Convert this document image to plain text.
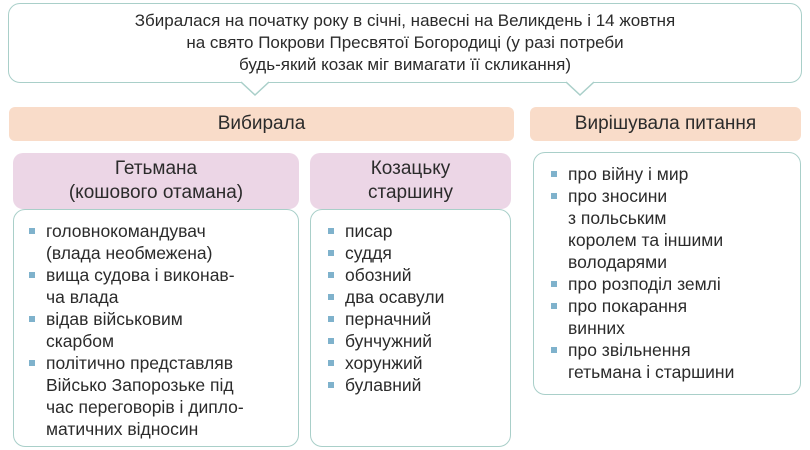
Збиралася на початку року в січні, навесні на Великдень і 14 жовтня
на свято Покрови Пресвятої Богородиці (у разі потреби
будь-який козак міг вимагати її скликання)
Вибирала	Вирішувала питання
Гетьмана
(кошового отамана)
головнокомандувач
(влада необмежена)
вища судова і виконав-
ча влада
відав військовим
скарбом
політично представляв
Військо Запорозьке під
час переговорів і дипло-
матичних відносин
Козацьку
старшину
писар
суддя
обозний
два осавули
перначний
бунчужний
хорунжий
булавний
про війну і мир
про зносини
з польським
королем та іншими
володарями
про розподіл землі
про покарання
винних
про звільнення
гетьмана і старшини
